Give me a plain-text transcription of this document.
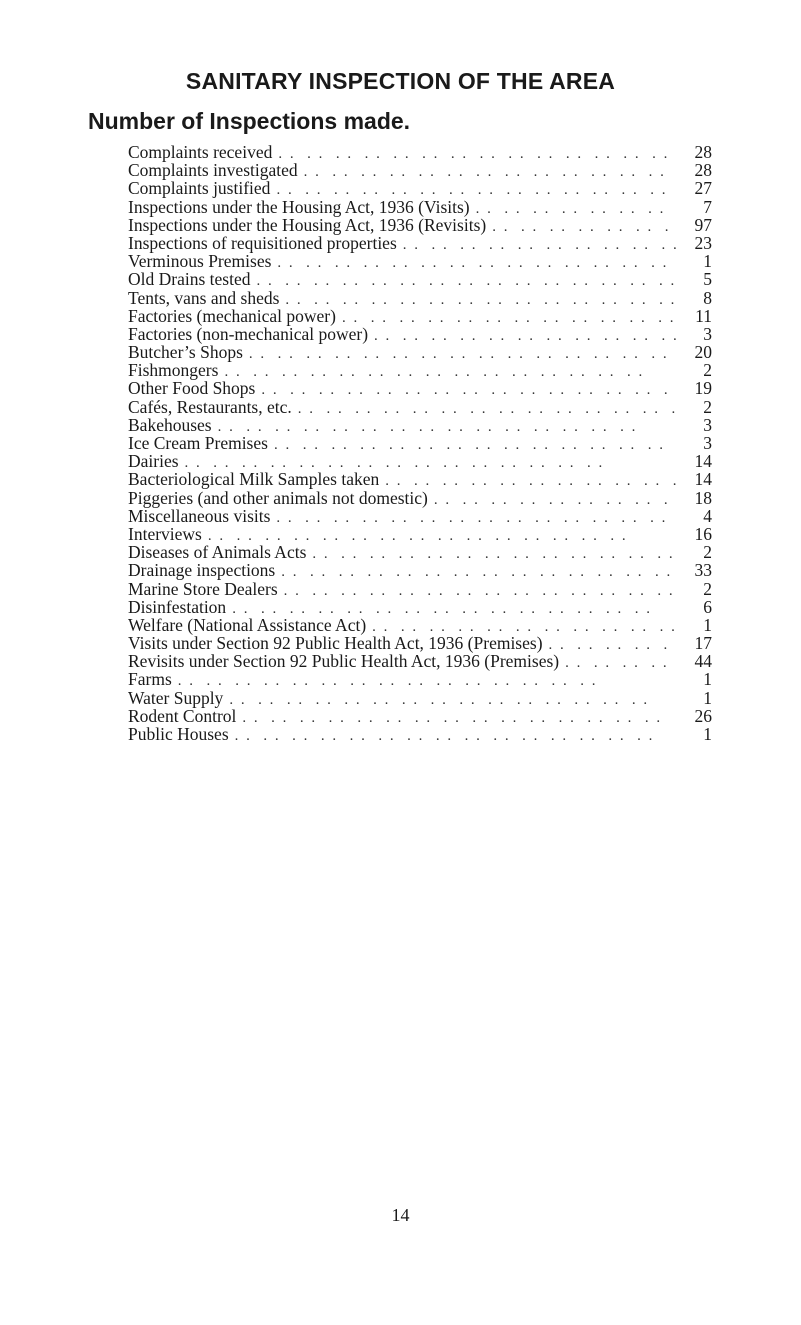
SANITARY INSPECTION OF THE AREA
Number of Inspections made.
Complaints received . .	28
Complaints investigated . .	28
Complaints justified . .	27
Inspections under the Housing Act, 1936 (Visits) . .	7
Inspections under the Housing Act, 1936 (Revisits) . .	97
Inspections of requisitioned properties . .	23
Verminous Premises . .	1
Old Drains tested . .	5
Tents, vans and sheds . .	8
Factories (mechanical power) . .	11
Factories (non-mechanical power) . .	3
Butcher’s Shops . .	20
Fishmongers . .	2
Other Food Shops . .	19
Cafés, Restaurants, etc. . .	2
Bakehouses . .	3
Ice Cream Premises . .	3
Dairies . .	14
Bacteriological Milk Samples taken . .	14
Piggeries (and other animals not domestic) . .	18
Miscellaneous visits . .	4
Interviews . .	16
Diseases of Animals Acts . .	2
Drainage inspections . .	33
Marine Store Dealers . .	2
Disinfestation . .	6
Welfare (National Assistance Act) . .	1
Visits under Section 92 Public Health Act, 1936 (Premises) . .	17
Revisits under Section 92 Public Health Act, 1936 (Premises) . .	44
Farms . .	1
Water Supply . .	1
Rodent Control . .	26
Public Houses . .	1
14
